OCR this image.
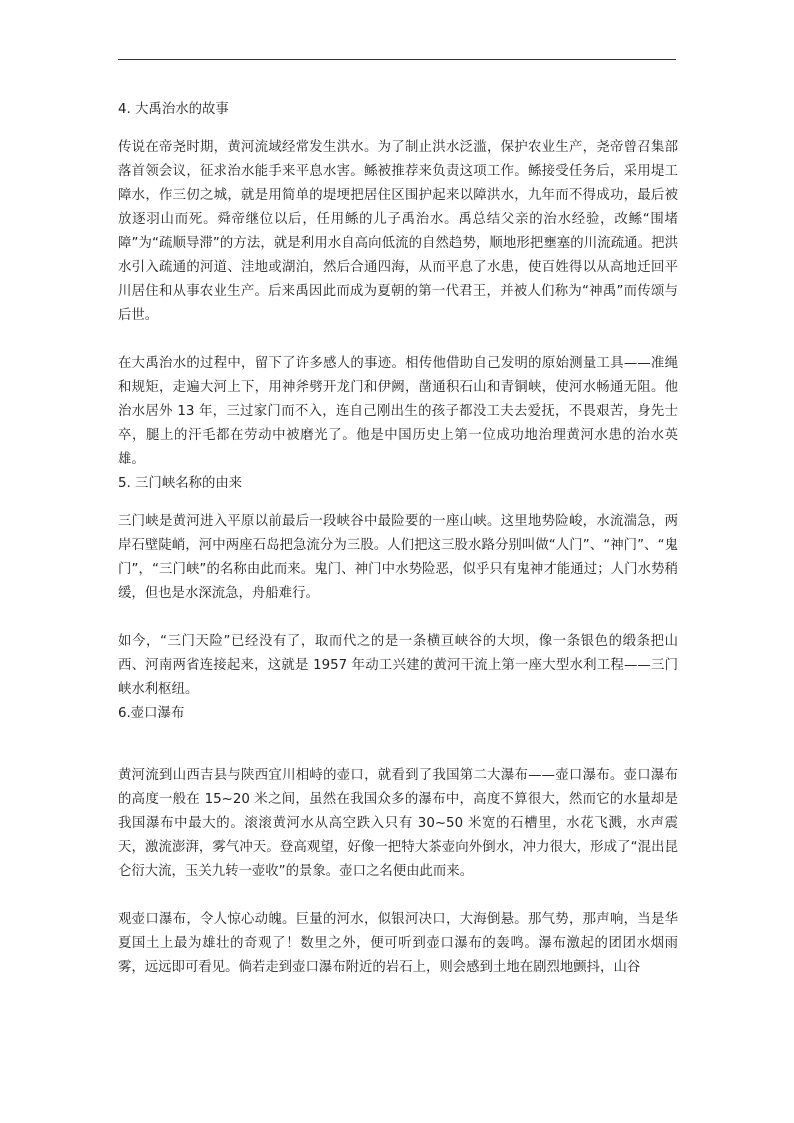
4. 大禹治水的故事

传说在帝尧时期，黄河流域经常发生洪水。为了制止洪水泛滥，保护农业生产，尧帝曾召集部落首领会议，征求治水能手来平息水害。鲧被推荐来负责这项工作。鲧接受任务后，采用堤工障水，作三仞之城，就是用简单的堤埂把居住区围护起来以障洪水，九年而不得成功，最后被放逐羽山而死。舜帝继位以后，任用鲧的儿子禹治水。禹总结父亲的治水经验，改鲧“围堵障”为“疏顺导滞”的方法，就是利用水自高向低流的自然趋势，顺地形把壅塞的川流疏通。把洪水引入疏通的河道、洼地或湖泊，然后合通四海，从而平息了水患，使百姓得以从高地迁回平川居住和从事农业生产。后来禹因此而成为夏朝的第一代君王，并被人们称为“神禹”而传颂与后世。

在大禹治水的过程中，留下了许多感人的事迹。相传他借助自己发明的原始测量工具——准绳和规矩，走遍大河上下，用神斧劈开龙门和伊阙，凿通积石山和青铜峡，使河水畅通无阻。他治水居外 13 年，三过家门而不入，连自己刚出生的孩子都没工夫去爱抚，不畏艰苦，身先士卒，腿上的汗毛都在劳动中被磨光了。他是中国历史上第一位成功地治理黄河水患的治水英雄。

5. 三门峡名称的由来

三门峡是黄河进入平原以前最后一段峡谷中最险要的一座山峡。这里地势险峻，水流湍急，两岸石壁陡峭，河中两座石岛把急流分为三股。人们把这三股水路分别叫做“人门”、“神门”、“鬼门”，“三门峡”的名称由此而来。鬼门、神门中水势险恶，似乎只有鬼神才能通过；人门水势稍缓，但也是水深流急，舟船难行。

如今，“三门天险”已经没有了，取而代之的是一条横亘峡谷的大坝，像一条银色的缎条把山西、河南两省连接起来，这就是 1957 年动工兴建的黄河干流上第一座大型水利工程——三门峡水利枢纽。

6.壶口瀑布

黄河流到山西吉县与陕西宜川相峙的壶口，就看到了我国第二大瀑布——壶口瀑布。壶口瀑布的高度一般在 15~20 米之间，虽然在我国众多的瀑布中，高度不算很大，然而它的水量却是我国瀑布中最大的。滚滚黄河水从高空跌入只有 30~50 米宽的石槽里，水花飞溅，水声震天，激流澎湃，雾气冲天。登高观望，好像一把特大茶壶向外倒水，冲力很大，形成了“混出昆仑衍大流，玉关九转一壶收”的景象。壶口之名便由此而来。

观壶口瀑布，令人惊心动魄。巨量的河水，似银河决口，大海倒悬。那气势，那声响，当是华夏国土上最为雄壮的奇观了！数里之外，便可听到壶口瀑布的轰鸣。瀑布激起的团团水烟雨雾，远远即可看见。倘若走到壶口瀑布附近的岩石上，则会感到土地在剧烈地颤抖，山谷
